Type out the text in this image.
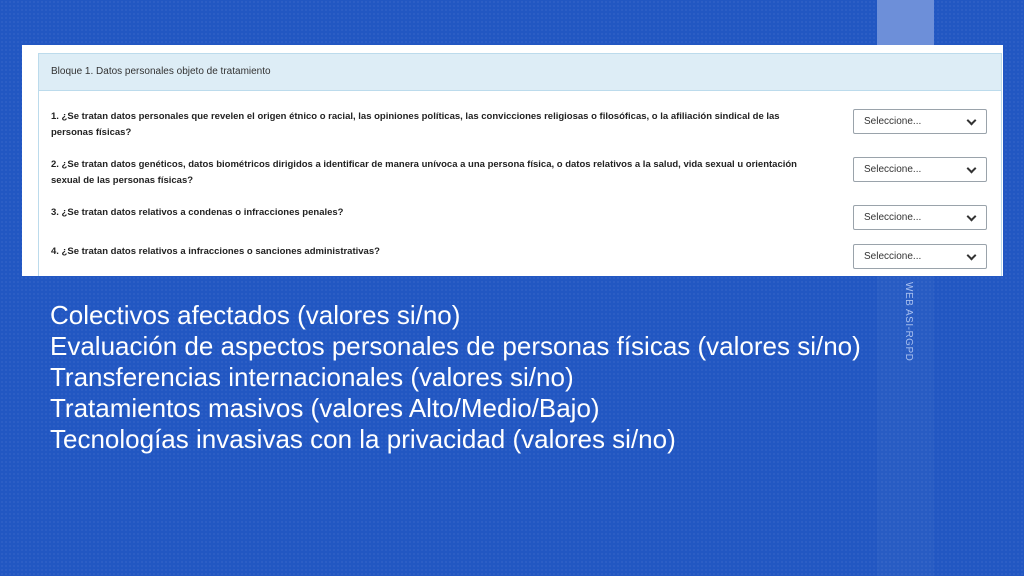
WEB ASI-RGPD
Bloque 1. Datos personales objeto de tratamiento
1. ¿Se tratan datos personales que revelen el origen étnico o racial, las opiniones políticas, las convicciones religiosas o filosóficas, o la afiliación sindical de las personas físicas?
Seleccione...
2. ¿Se tratan datos genéticos, datos biométricos dirigidos a identificar de manera unívoca a una persona física, o datos relativos a la salud, vida sexual u orientación sexual de las personas físicas?
Seleccione...
3. ¿Se tratan datos relativos a condenas o infracciones penales?	Seleccione...
4. ¿Se tratan datos relativos a infracciones o sanciones administrativas?	Seleccione...
Colectivos afectados (valores si/no)
Evaluación de aspectos personales de personas físicas (valores si/no)
Transferencias internacionales (valores si/no)
Tratamientos masivos (valores Alto/Medio/Bajo)
Tecnologías invasivas con la privacidad (valores si/no)
